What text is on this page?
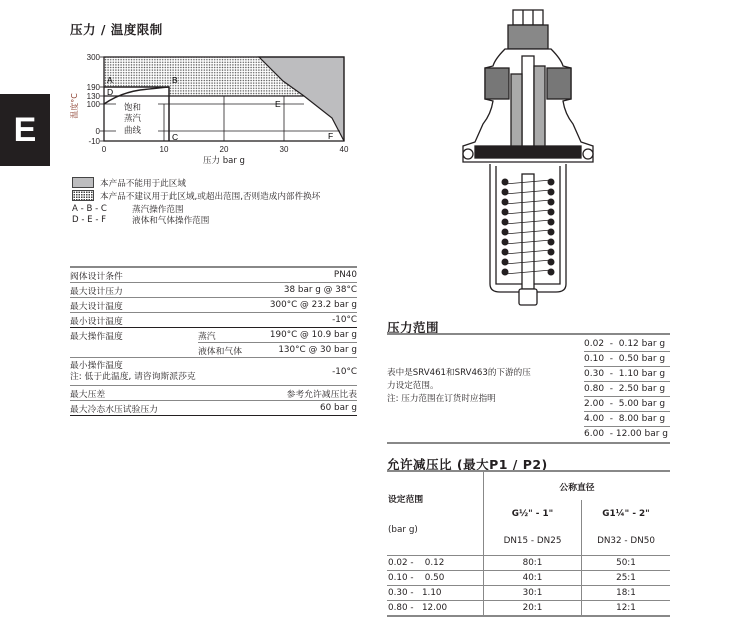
E
压力 / 温度限制
饱和
蒸汽
曲线
A	B
C
D
E
F
300
190
130
100
0
-10
温度°C
0	10	20	30	40
压力 bar g
本产品不能用于此区域
本产品不建议用于此区域,或超出范围,否则造成内部件换坏
A - B - C	蒸汽操作范围
D - E - F	液体和气体操作范围
阀体设计条件	PN40
最大设计压力	38 bar g @ 38°C
最大设计温度	300°C @ 23.2 bar g
最小设计温度	-10°C
最大操作温度	蒸汽	190°C @ 10.9 bar g
液体和气体	130°C @ 30 bar g
最小操作温度
注: 低于此温度, 请咨询斯派莎克	-10°C
最大压差	参考允许减压比表
最大冷态水压试验压力	60 bar g
压力范围
表中是SRV461和SRV463的下游的压
力设定范围。
注: 压力范围在订货时应指明
0.02  -  0.12 bar g
0.10  -  0.50 bar g
0.30  -  1.10 bar g
0.80  -  2.50 bar g
2.00  -  5.00 bar g
4.00  -  8.00 bar g
6.00  - 12.00 bar g
允许减压比 (最大P1 / P2)

设定范围

(bar g)	公称直径	
	G½" - 1"	G1¼" - 2"
	DN15 - DN25	DN32 - DN50
0.02 -    0.12	80:1	50:1
0.10 -    0.50	40:1	25:1
0.30 -   1.10	30:1	18:1
0.80 -   12.00	20:1	12:1
